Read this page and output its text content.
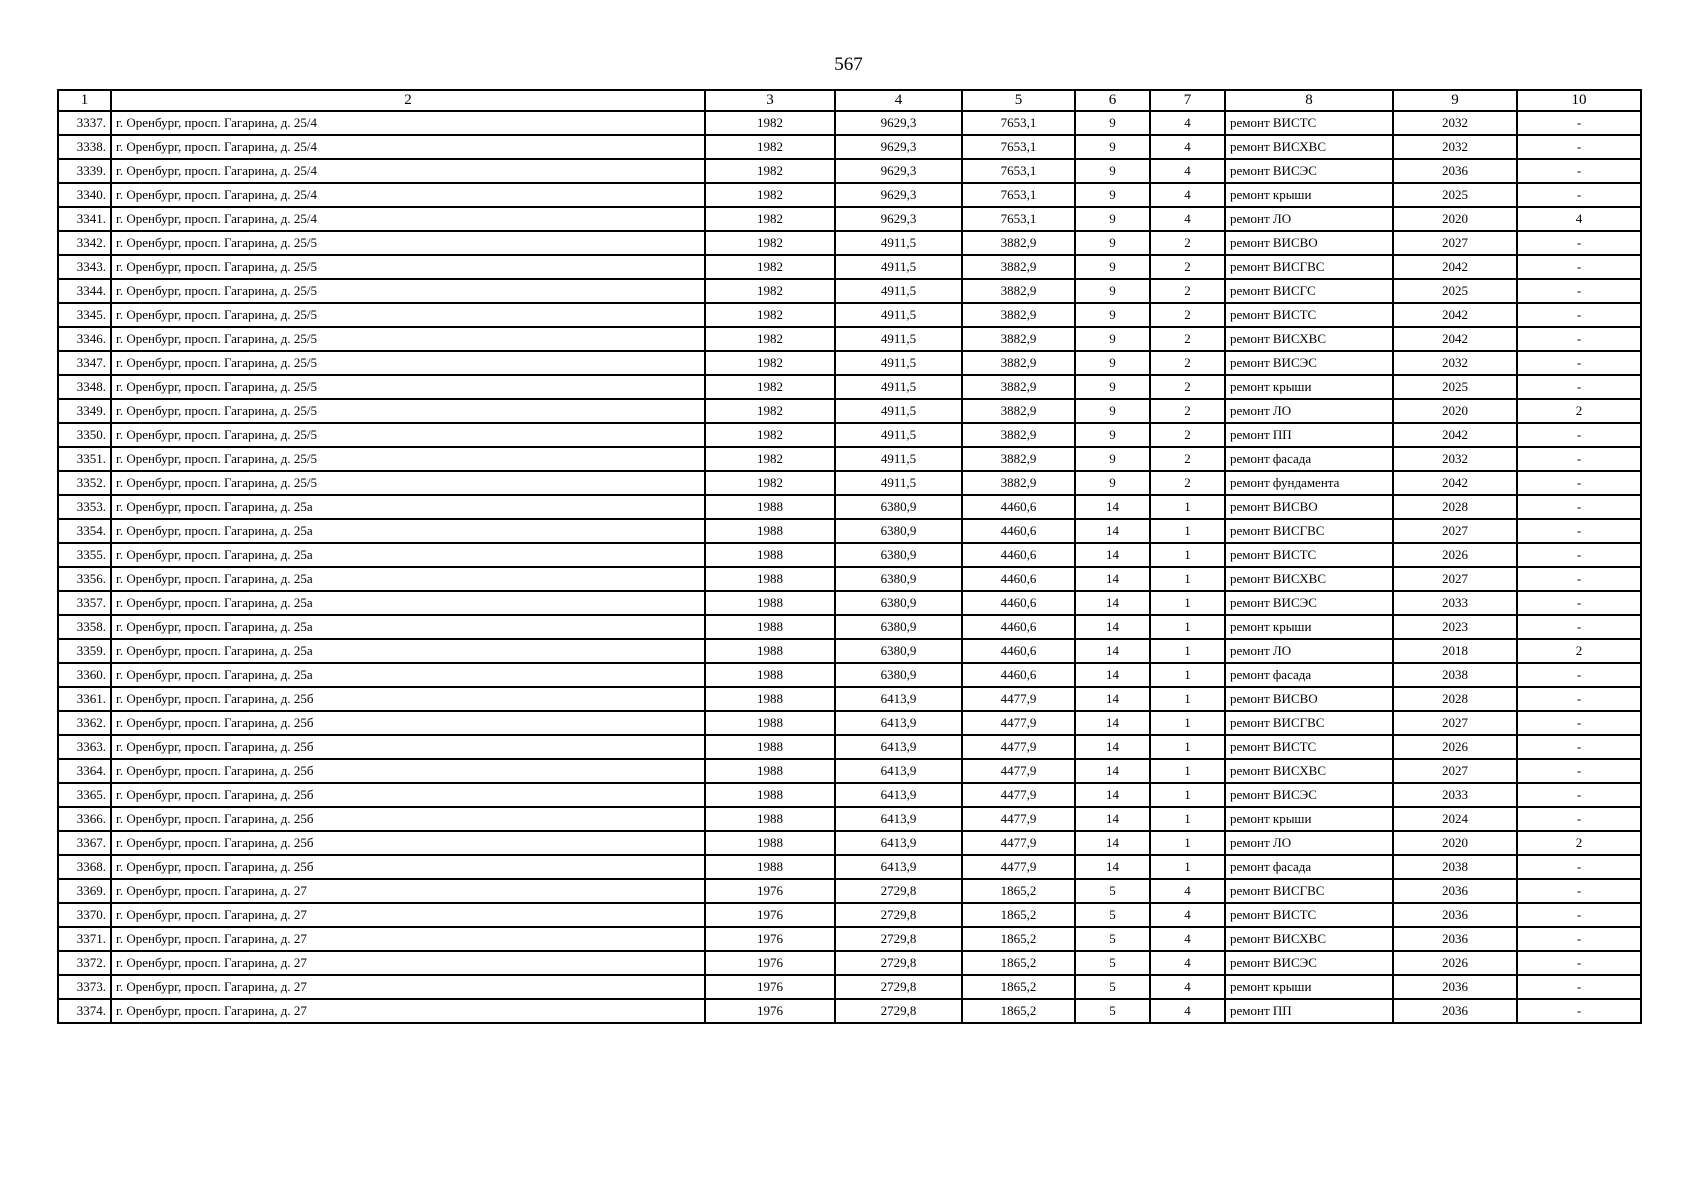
567
1	2	3	4	5	6	7	8	9	10
3337.	г. Оренбург, просп. Гагарина, д. 25/4	1982	9629,3	7653,1	9	4	ремонт ВИСТС	2032	-
3338.	г. Оренбург, просп. Гагарина, д. 25/4	1982	9629,3	7653,1	9	4	ремонт ВИСХВС	2032	-
3339.	г. Оренбург, просп. Гагарина, д. 25/4	1982	9629,3	7653,1	9	4	ремонт ВИСЭС	2036	-
3340.	г. Оренбург, просп. Гагарина, д. 25/4	1982	9629,3	7653,1	9	4	ремонт крыши	2025	-
3341.	г. Оренбург, просп. Гагарина, д. 25/4	1982	9629,3	7653,1	9	4	ремонт ЛО	2020	4
3342.	г. Оренбург, просп. Гагарина, д. 25/5	1982	4911,5	3882,9	9	2	ремонт ВИСВО	2027	-
3343.	г. Оренбург, просп. Гагарина, д. 25/5	1982	4911,5	3882,9	9	2	ремонт ВИСГВС	2042	-
3344.	г. Оренбург, просп. Гагарина, д. 25/5	1982	4911,5	3882,9	9	2	ремонт ВИСГС	2025	-
3345.	г. Оренбург, просп. Гагарина, д. 25/5	1982	4911,5	3882,9	9	2	ремонт ВИСТС	2042	-
3346.	г. Оренбург, просп. Гагарина, д. 25/5	1982	4911,5	3882,9	9	2	ремонт ВИСХВС	2042	-
3347.	г. Оренбург, просп. Гагарина, д. 25/5	1982	4911,5	3882,9	9	2	ремонт ВИСЭС	2032	-
3348.	г. Оренбург, просп. Гагарина, д. 25/5	1982	4911,5	3882,9	9	2	ремонт крыши	2025	-
3349.	г. Оренбург, просп. Гагарина, д. 25/5	1982	4911,5	3882,9	9	2	ремонт ЛО	2020	2
3350.	г. Оренбург, просп. Гагарина, д. 25/5	1982	4911,5	3882,9	9	2	ремонт ПП	2042	-
3351.	г. Оренбург, просп. Гагарина, д. 25/5	1982	4911,5	3882,9	9	2	ремонт фасада	2032	-
3352.	г. Оренбург, просп. Гагарина, д. 25/5	1982	4911,5	3882,9	9	2	ремонт фундамента	2042	-
3353.	г. Оренбург, просп. Гагарина, д. 25а	1988	6380,9	4460,6	14	1	ремонт ВИСВО	2028	-
3354.	г. Оренбург, просп. Гагарина, д. 25а	1988	6380,9	4460,6	14	1	ремонт ВИСГВС	2027	-
3355.	г. Оренбург, просп. Гагарина, д. 25а	1988	6380,9	4460,6	14	1	ремонт ВИСТС	2026	-
3356.	г. Оренбург, просп. Гагарина, д. 25а	1988	6380,9	4460,6	14	1	ремонт ВИСХВС	2027	-
3357.	г. Оренбург, просп. Гагарина, д. 25а	1988	6380,9	4460,6	14	1	ремонт ВИСЭС	2033	-
3358.	г. Оренбург, просп. Гагарина, д. 25а	1988	6380,9	4460,6	14	1	ремонт крыши	2023	-
3359.	г. Оренбург, просп. Гагарина, д. 25а	1988	6380,9	4460,6	14	1	ремонт ЛО	2018	2
3360.	г. Оренбург, просп. Гагарина, д. 25а	1988	6380,9	4460,6	14	1	ремонт фасада	2038	-
3361.	г. Оренбург, просп. Гагарина, д. 25б	1988	6413,9	4477,9	14	1	ремонт ВИСВО	2028	-
3362.	г. Оренбург, просп. Гагарина, д. 25б	1988	6413,9	4477,9	14	1	ремонт ВИСГВС	2027	-
3363.	г. Оренбург, просп. Гагарина, д. 25б	1988	6413,9	4477,9	14	1	ремонт ВИСТС	2026	-
3364.	г. Оренбург, просп. Гагарина, д. 25б	1988	6413,9	4477,9	14	1	ремонт ВИСХВС	2027	-
3365.	г. Оренбург, просп. Гагарина, д. 25б	1988	6413,9	4477,9	14	1	ремонт ВИСЭС	2033	-
3366.	г. Оренбург, просп. Гагарина, д. 25б	1988	6413,9	4477,9	14	1	ремонт крыши	2024	-
3367.	г. Оренбург, просп. Гагарина, д. 25б	1988	6413,9	4477,9	14	1	ремонт ЛО	2020	2
3368.	г. Оренбург, просп. Гагарина, д. 25б	1988	6413,9	4477,9	14	1	ремонт фасада	2038	-
3369.	г. Оренбург, просп. Гагарина, д. 27	1976	2729,8	1865,2	5	4	ремонт ВИСГВС	2036	-
3370.	г. Оренбург, просп. Гагарина, д. 27	1976	2729,8	1865,2	5	4	ремонт ВИСТС	2036	-
3371.	г. Оренбург, просп. Гагарина, д. 27	1976	2729,8	1865,2	5	4	ремонт ВИСХВС	2036	-
3372.	г. Оренбург, просп. Гагарина, д. 27	1976	2729,8	1865,2	5	4	ремонт ВИСЭС	2026	-
3373.	г. Оренбург, просп. Гагарина, д. 27	1976	2729,8	1865,2	5	4	ремонт крыши	2036	-
3374.	г. Оренбург, просп. Гагарина, д. 27	1976	2729,8	1865,2	5	4	ремонт ПП	2036	-
